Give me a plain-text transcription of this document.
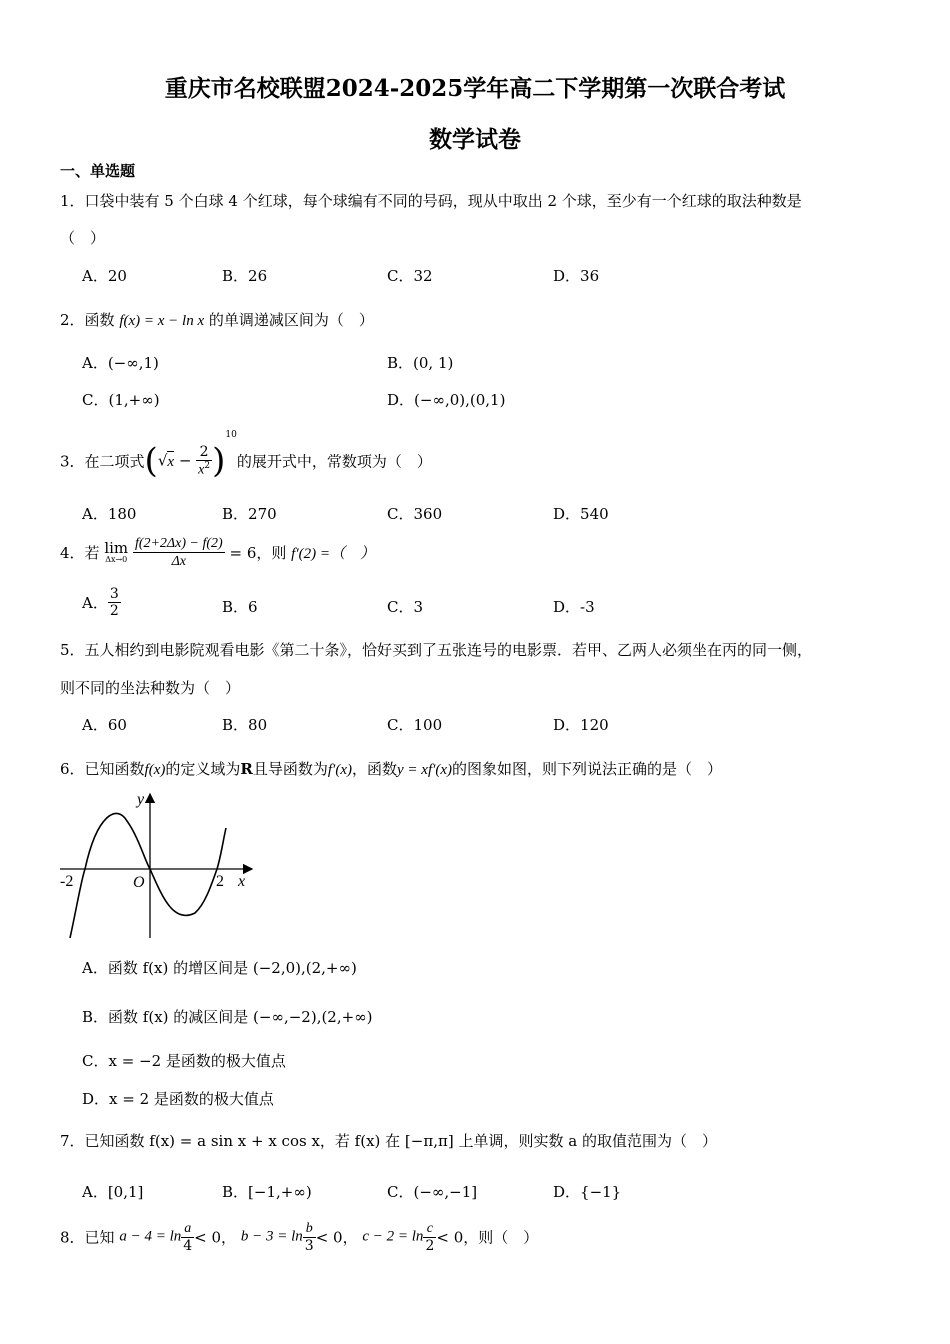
重庆市名校联盟2024-2025学年高二下学期第一次联合考试
数学试卷
一、单选题
1．口袋中装有 5 个白球 4 个红球，每个球编有不同的号码，现从中取出 2 个球，至少有一个红球的取法种数是
（　）
A．20	B．26	C．32	D．36
2．函数 f(x) = x − ln x 的单调递减区间为（　）
A．(−∞,1)	B．(0, 1)
C．(1,+∞)	D．(−∞,0),(0,1)
3．在二项式$(√x - \frac{2}{x^2} )^{10}$的展开式中，常数项为（　）
A．180	B．270	C．360	D．540
4．若 lim
Δx→0
$\frac{f(2+2\Delta x) - f(2)}{\Delta x} = 6$，则 f′(2) =（　）
A． $\frac{3}{2}$	B．6	C．3	D．-3
5．五人相约到电影院观看电影《第二十条》，恰好买到了五张连号的电影票．若甲、乙两人必须坐在丙的同一侧，
则不同的坐法种数为（　）
A．60	B．80	C．100	D．120
6．已知函数f(x)的定义域为R且导函数为f′(x)，函数y = xf′(x)的图象如图，则下列说法正确的是（　）
y
x
O
-2	2
A．函数 f(x) 的增区间是 (−2,0),(2,+∞)
B．函数 f(x) 的减区间是 (−∞,−2),(2,+∞)
C．x = −2 是函数的极大值点
D．x = 2 是函数的极大值点
7．已知函数 f(x) = a sin x + x cos x，若 f(x) 在 [−π,π] 上单调，则实数 a 的取值范围为（　）
A．[0,1]	B．[−1,+∞)	C．(−∞,−1]	D．{−1}
8．已知 $a - 4 = \ln \frac{a}{4} < 0$， $b - 3 = \ln \frac{b}{3} < 0$， $c - 2 = \ln \frac{c}{2} < 0$，则（　）
